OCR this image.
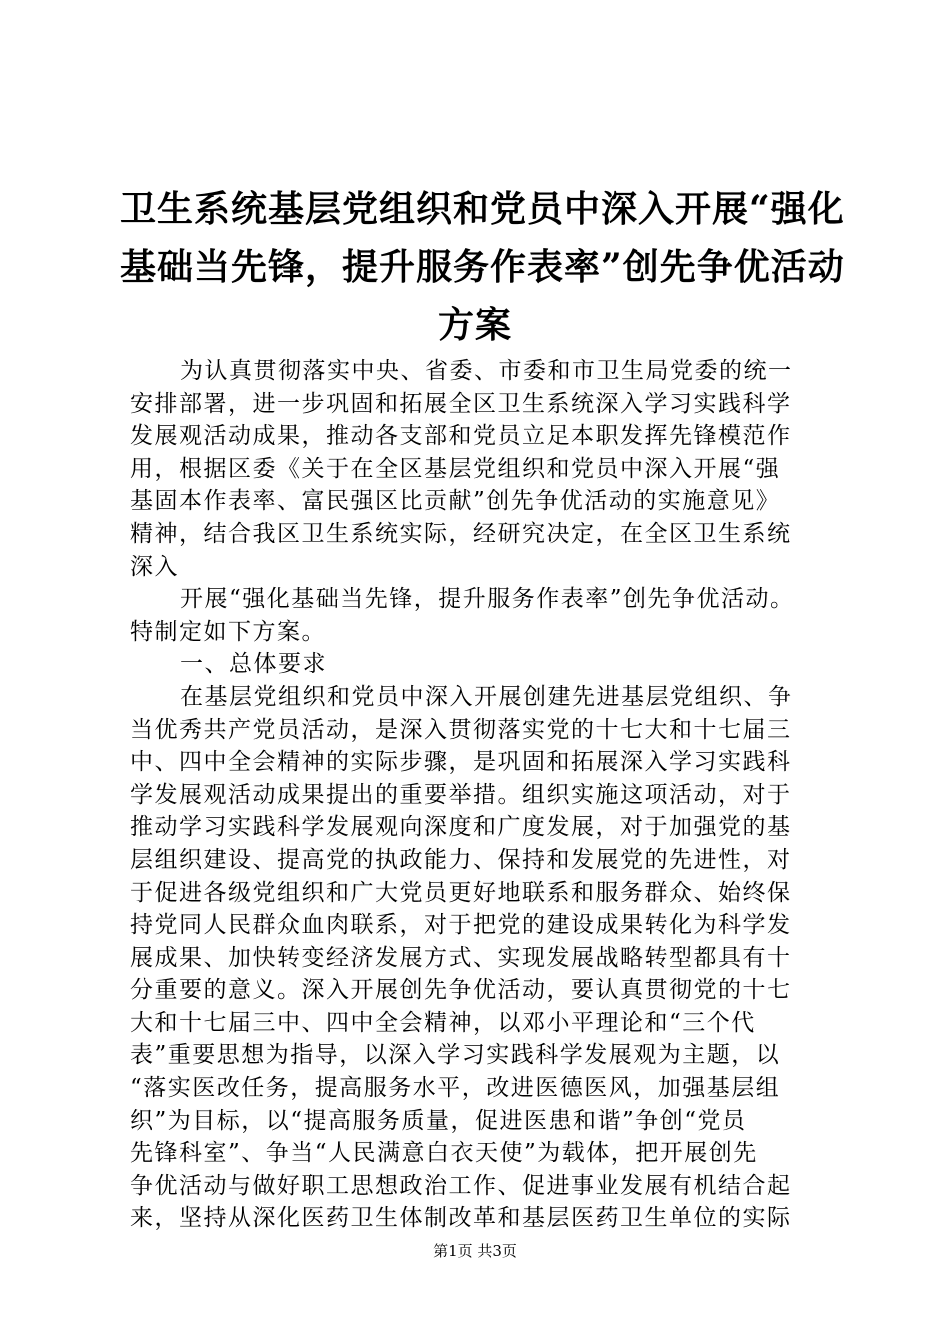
卫生系统基层党组织和党员中深入开展“强化
基础当先锋，提升服务作表率”创先争优活动
方案
为认真贯彻落实中央、省委、市委和市卫生局党委的统一
安排部署，进一步巩固和拓展全区卫生系统深入学习实践科学
发展观活动成果，推动各支部和党员立足本职发挥先锋模范作
用，根据区委《关于在全区基层党组织和党员中深入开展“强
基固本作表率、富民强区比贡献”创先争优活动的实施意见》
精神，结合我区卫生系统实际，经研究决定，在全区卫生系统
深入
开展“强化基础当先锋，提升服务作表率”创先争优活动。
特制定如下方案。
一、总体要求
在基层党组织和党员中深入开展创建先进基层党组织、争
当优秀共产党员活动，是深入贯彻落实党的十七大和十七届三
中、四中全会精神的实际步骤，是巩固和拓展深入学习实践科
学发展观活动成果提出的重要举措。组织实施这项活动，对于
推动学习实践科学发展观向深度和广度发展，对于加强党的基
层组织建设、提高党的执政能力、保持和发展党的先进性，对
于促进各级党组织和广大党员更好地联系和服务群众、始终保
持党同人民群众血肉联系，对于把党的建设成果转化为科学发
展成果、加快转变经济发展方式、实现发展战略转型都具有十
分重要的意义。深入开展创先争优活动，要认真贯彻党的十七
大和十七届三中、四中全会精神，以邓小平理论和“三个代
表”重要思想为指导，以深入学习实践科学发展观为主题，以
“落实医改任务，提高服务水平，改进医德医风，加强基层组
织”为目标，以“提高服务质量，促进医患和谐”争创“党员
先锋科室”、争当“人民满意白衣天使”为载体，把开展创先
争优活动与做好职工思想政治工作、促进事业发展有机结合起
来，坚持从深化医药卫生体制改革和基层医药卫生单位的实际
第1页 共3页
